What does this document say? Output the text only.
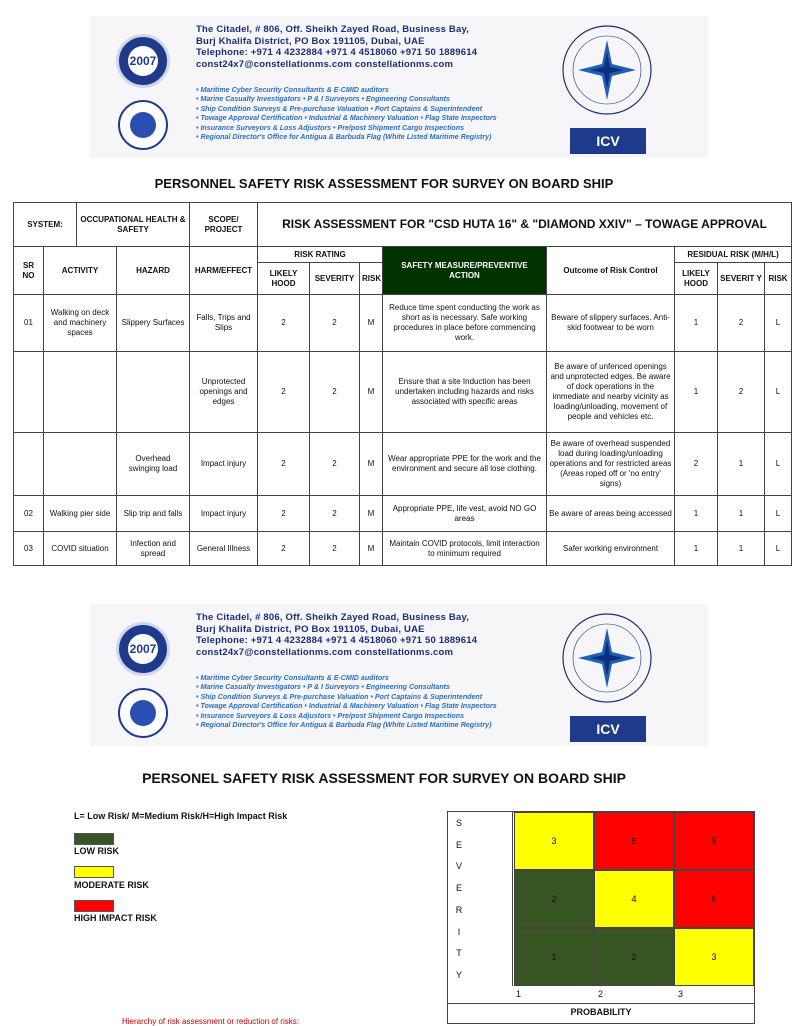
2007
The Citadel, # 806, Off. Sheikh Zayed Road, Business Bay,
Burj Khalifa District, PO Box 191105, Dubai, UAE
Telephone: +971 4 4232884 +971 4 4518060 +971 50 1889614
const24x7@constellationms.com constellationms.com
• Maritime Cyber Security Consultants & E-CMID auditors
• Marine Casualty Investigators • P & I Surveyors • Engineering Consultants
• Ship Condition Surveys & Pre-purchase Valuation • Port Captains & Superintendent
• Towage Approval Certification • Industrial & Machinery Valuation • Flag State Inspectors
• Insurance Surveyors & Loss Adjustors • Pre/post Shipment Cargo Inspections
• Regional Director's Office for Antigua & Barbuda Flag (White Listed Maritime Registry)	ICV
PERSONNEL SAFETY RISK ASSESSMENT FOR SURVEY ON BOARD SHIP
SYSTEM:		OCCUPATIONAL HEALTH & SAFETY		SCOPE/ PROJECT	RISK ASSESSMENT FOR "CSD HUTA 16" & "DIAMOND XXIV" – TOWAGE APPROVAL							
SR NO	ACTIVITY		HAZARD	HARM/EFFECT	RISK RATING			SAFETY MEASURE/PREVENTIVE ACTION	Outcome of Risk Control	RESIDUAL RISK (M/H/L)		
					LIKELY HOOD	SEVERITY	RISK			LIKELY HOOD	SEVERIT Y	RISK
01	Walking on deck and machinery spaces		Slippery Surfaces	Falls, Trips and Slips	2	2	M	Reduce time spent conducting the work as short as is necessary. Safe working procedures in place before commencing work.	Beware of slippery surfaces. Anti-skid footwear to be worn	1	2	L
				Unprotected openings and edges	2	2	M	Ensure that a site Induction has been undertaken including hazards and risks associated with specific areas	Be aware of unfenced openings and unprotected edges. Be aware of dock operations in the immediate and nearby vicinity as loading/unloading, movement of people and vehicles etc.	1	2	L
			Overhead swinging load	Impact injury	2	2	M	Wear appropriate PPE for the work and the environment and secure all lose clothing.	Be aware of overhead suspended load during loading/unloading operations and for restricted areas (Areas roped off or 'no entry' signs)	2	1	L
02	Walking pier side		Slip trip and falls	Impact injury	2	2	M	Appropriate PPE, life vest, avoid NO GO areas	Be aware of areas being accessed	1	1	L
03	COVID situation		Infection and spread	General Illness	2	2	M	Maintain COVID protocols, limit interaction to minimum required	Safer working environment	1	1	L
2007
The Citadel, # 806, Off. Sheikh Zayed Road, Business Bay,
Burj Khalifa District, PO Box 191105, Dubai, UAE
Telephone: +971 4 4232884 +971 4 4518060 +971 50 1889614
const24x7@constellationms.com constellationms.com
• Maritime Cyber Security Consultants & E-CMID auditors
• Marine Casualty Investigators • P & I Surveyors • Engineering Consultants
• Ship Condition Surveys & Pre-purchase Valuation • Port Captains & Superintendent
• Towage Approval Certification • Industrial & Machinery Valuation • Flag State Inspectors
• Insurance Surveyors & Loss Adjustors • Pre/post Shipment Cargo Inspections
• Regional Director's Office for Antigua & Barbuda Flag (White Listed Maritime Registry)	ICV
PERSONEL SAFETY RISK ASSESSMENT FOR SURVEY ON BOARD SHIP
L= Low Risk/ M=Medium Risk/H=High Impact Risk
LOW RISK
MODERATE RISK
HIGH IMPACT RISK
S
E
V
E
R
I
T
Y
3	6	9
2	4	6
1	2	3
1	2	3
PROBABILITY
Hierarchy of risk assessment or reduction of risks:
